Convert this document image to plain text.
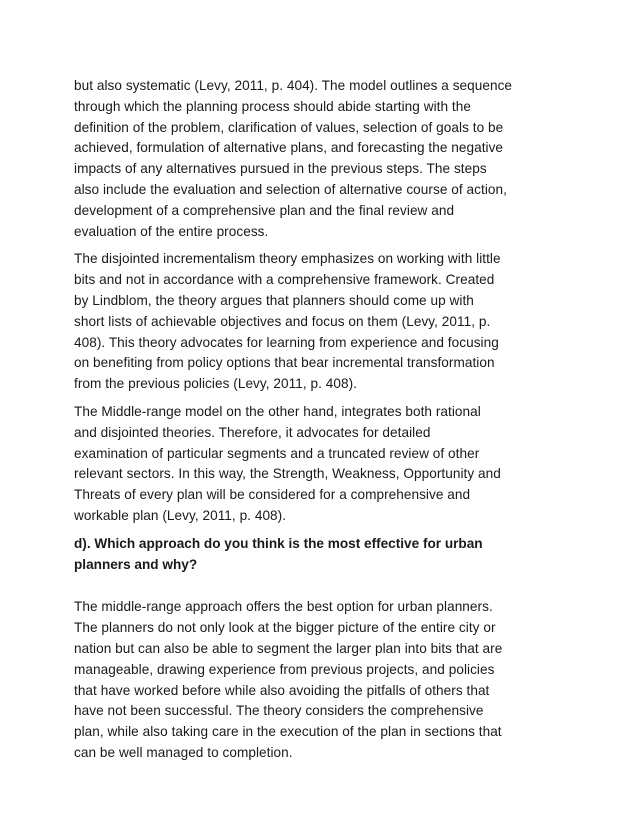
but also systematic (Levy, 2011, p. 404). The model outlines a sequence
through which the planning process should abide starting with the
definition of the problem, clarification of values, selection of goals to be
achieved, formulation of alternative plans, and forecasting the negative
impacts of any alternatives pursued in the previous steps. The steps
also include the evaluation and selection of alternative course of action,
development of a comprehensive plan and the final review and
evaluation of the entire process.

The disjointed incrementalism theory emphasizes on working with little
bits and not in accordance with a comprehensive framework. Created
by Lindblom, the theory argues that planners should come up with
short lists of achievable objectives and focus on them (Levy, 2011, p.
408). This theory advocates for learning from experience and focusing
on benefiting from policy options that bear incremental transformation
from the previous policies (Levy, 2011, p. 408).

The Middle-range model on the other hand, integrates both rational
and disjointed theories. Therefore, it advocates for detailed
examination of particular segments and a truncated review of other
relevant sectors. In this way, the Strength, Weakness, Opportunity and
Threats of every plan will be considered for a comprehensive and
workable plan (Levy, 2011, p. 408).

d). Which approach do you think is the most effective for urban
planners and why?

The middle-range approach offers the best option for urban planners.
The planners do not only look at the bigger picture of the entire city or
nation but can also be able to segment the larger plan into bits that are
manageable, drawing experience from previous projects, and policies
that have worked before while also avoiding the pitfalls of others that
have not been successful. The theory considers the comprehensive
plan, while also taking care in the execution of the plan in sections that
can be well managed to completion.
